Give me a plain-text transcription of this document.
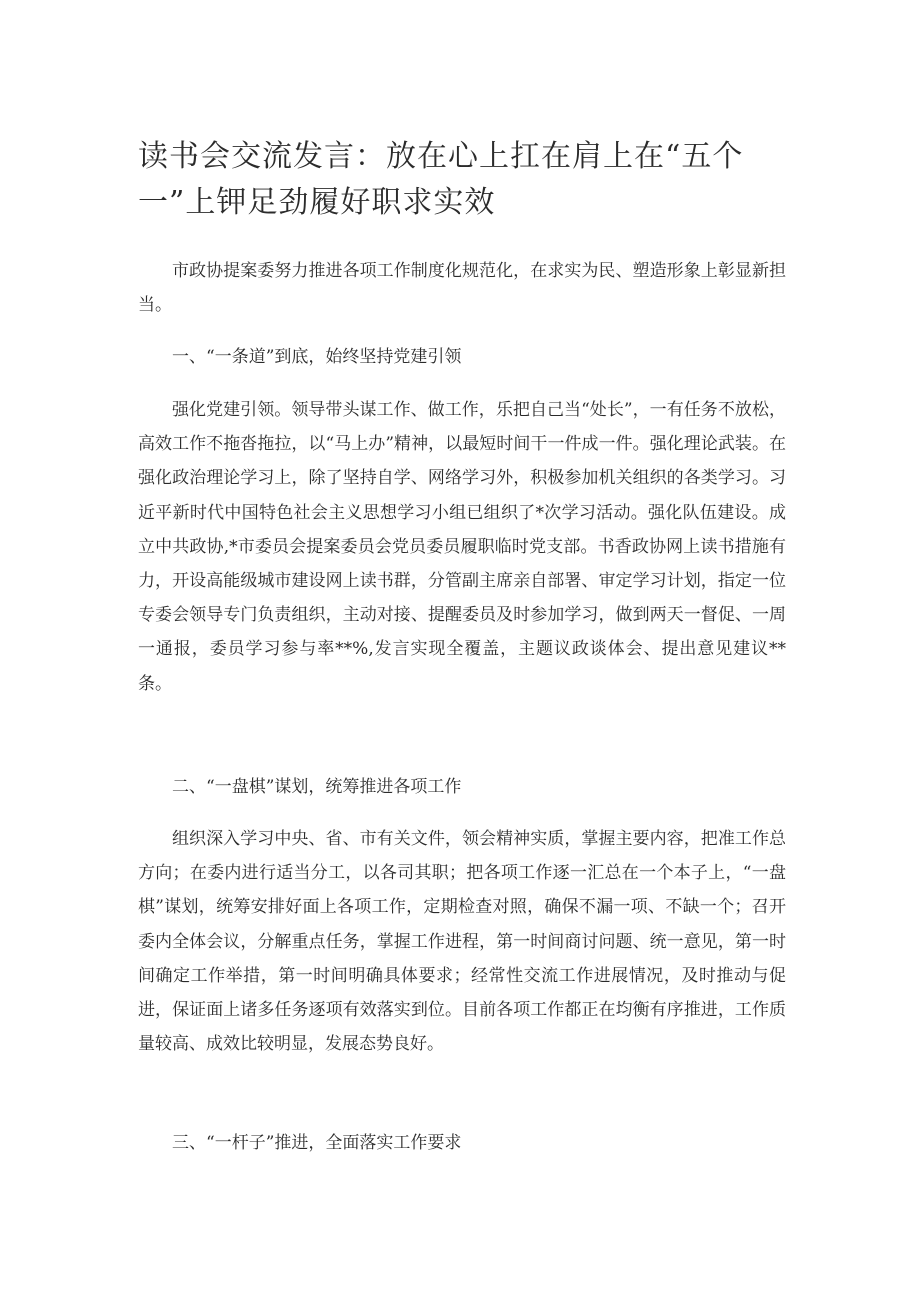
读书会交流发言：放在心上扛在肩上在“五个一”上钾足劲履好职求实效

市政协提案委努力推进各项工作制度化规范化，在求实为民、塑造形象上彰显新担当。

一、“一条道”到底，始终坚持党建引领

强化党建引领。领导带头谋工作、做工作，乐把自己当“处长”，一有任务不放松，高效工作不拖沓拖拉，以“马上办”精神，以最短时间干一件成一件。强化理论武装。在强化政治理论学习上，除了坚持自学、网络学习外，积极参加机关组织的各类学习。习近平新时代中国特色社会主义思想学习小组已组织了*次学习活动。强化队伍建设。成立中共政协,*市委员会提案委员会党员委员履职临时党支部。书香政协网上读书措施有力，开设高能级城市建设网上读书群，分管副主席亲自部署、审定学习计划，指定一位专委会领导专门负责组织，主动对接、提醒委员及时参加学习，做到两天一督促、一周一通报，委员学习参与率**%,发言实现全覆盖，主题议政谈体会、提出意见建议**条。

二、“一盘棋”谋划，统筹推进各项工作

组织深入学习中央、省、市有关文件，领会精神实质，掌握主要内容，把准工作总方向；在委内进行适当分工，以各司其职；把各项工作逐一汇总在一个本子上，“一盘棋”谋划，统筹安排好面上各项工作，定期检查对照，确保不漏一项、不缺一个；召开委内全体会议，分解重点任务，掌握工作进程，第一时间商讨问题、统一意见，第一时间确定工作举措，第一时间明确具体要求；经常性交流工作进展情况，及时推动与促进，保证面上诸多任务逐项有效落实到位。目前各项工作都正在均衡有序推进，工作质量较高、成效比较明显，发展态势良好。

三、“一杆子”推进，全面落实工作要求
